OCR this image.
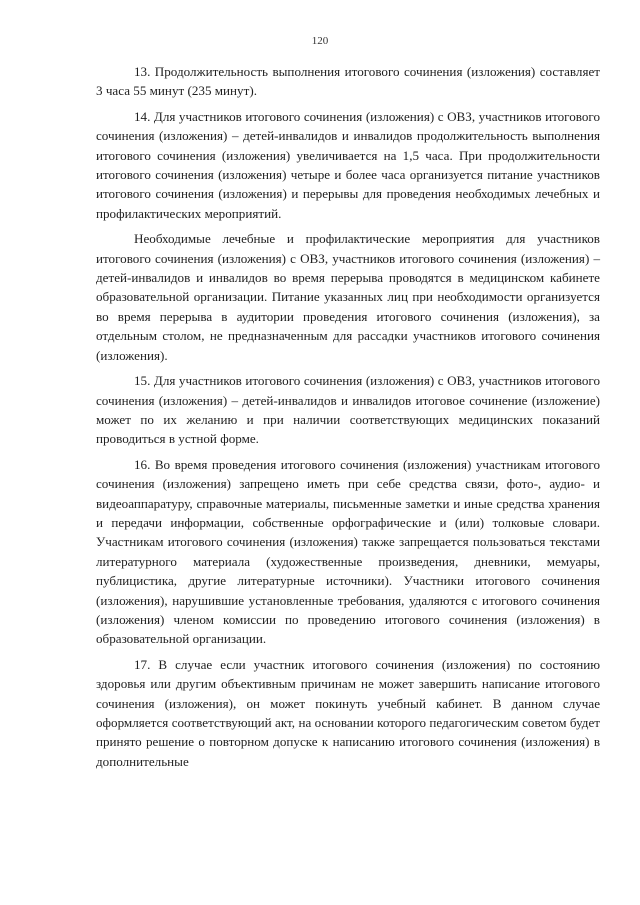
120

13. Продолжительность выполнения итогового сочинения (изложения) составляет 3 часа 55 минут (235 минут).

14. Для участников итогового сочинения (изложения) с ОВЗ, участников итогового сочинения (изложения) – детей-инвалидов и инвалидов продолжительность выполнения итогового сочинения (изложения) увеличивается на 1,5 часа. При продолжительности итогового сочинения (изложения) четыре и более часа организуется питание участников итогового сочинения (изложения) и перерывы для проведения необходимых лечебных и профилактических мероприятий.

Необходимые лечебные и профилактические мероприятия для участников итогового сочинения (изложения) с ОВЗ, участников итогового сочинения (изложения) – детей-инвалидов и инвалидов во время перерыва проводятся в медицинском кабинете образовательной организации. Питание указанных лиц при необходимости организуется во время перерыва в аудитории проведения итогового сочинения (изложения), за отдельным столом, не предназначенным для рассадки участников итогового сочинения (изложения).

15. Для участников итогового сочинения (изложения) с ОВЗ, участников итогового сочинения (изложения) – детей-инвалидов и инвалидов итоговое сочинение (изложение) может по их желанию и при наличии соответствующих медицинских показаний проводиться в устной форме.

16. Во время проведения итогового сочинения (изложения) участникам итогового сочинения (изложения) запрещено иметь при себе средства связи, фото-, аудио- и видеоаппаратуру, справочные материалы, письменные заметки и иные средства хранения и передачи информации, собственные орфографические и (или) толковые словари. Участникам итогового сочинения (изложения) также запрещается пользоваться текстами литературного материала (художественные произведения, дневники, мемуары, публицистика, другие литературные источники). Участники итогового сочинения (изложения), нарушившие установленные требования, удаляются с итогового сочинения (изложения) членом комиссии по проведению итогового сочинения (изложения) в образовательной организации.

17. В случае если участник итогового сочинения (изложения) по состоянию здоровья или другим объективным причинам не может завершить написание итогового сочинения (изложения), он может покинуть учебный кабинет. В данном случае оформляется соответствующий акт, на основании которого педагогическим советом будет принято решение о повторном допуске к написанию итогового сочинения (изложения) в дополнительные
